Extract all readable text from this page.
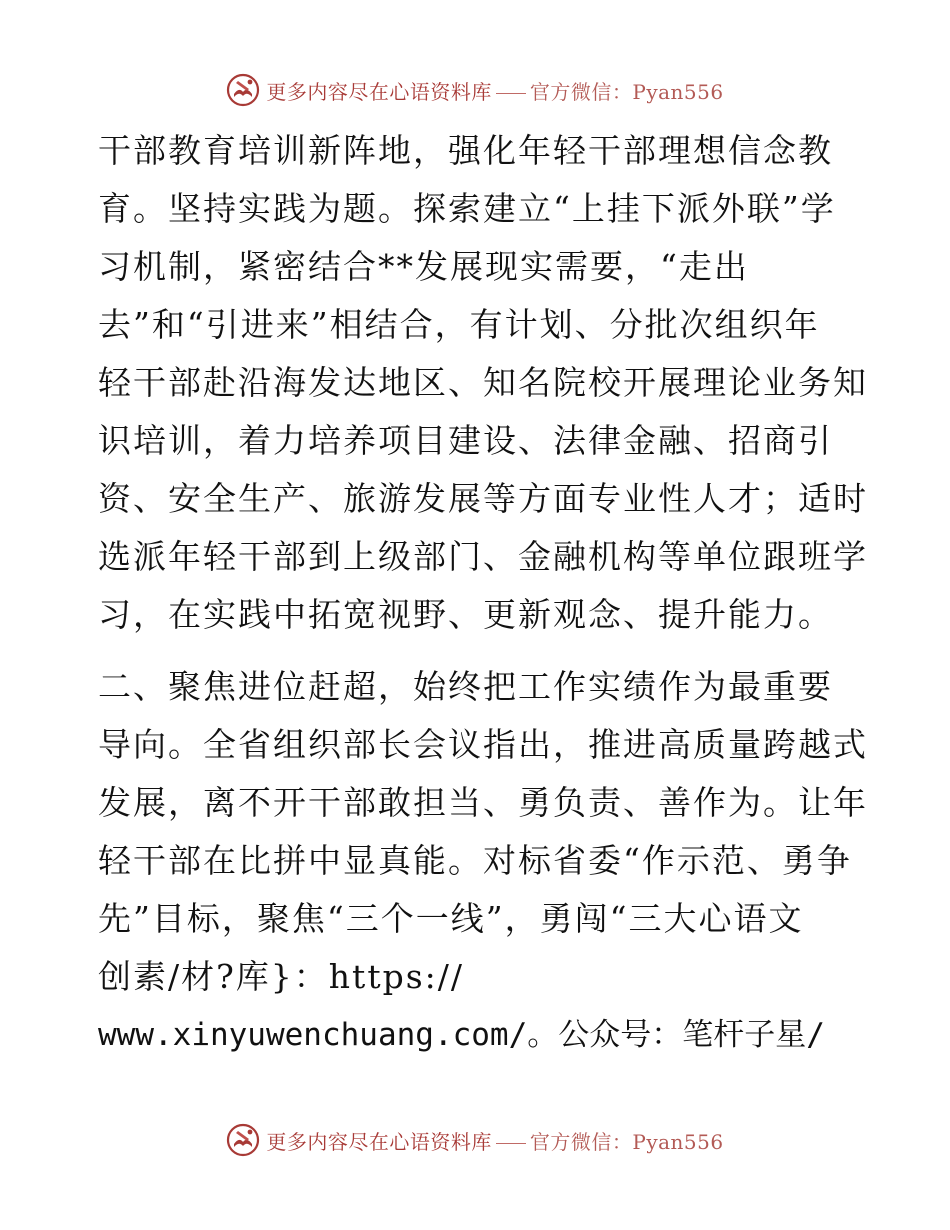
更多内容尽在心语资料库 官方微信：Pyan556
干部教育培训新阵地，强化年轻干部理想信念教
育。坚持实践为题。探索建立“上挂下派外联”学
习机制，紧密结合**发展现实需要，“走出
去”和“引进来”相结合，有计划、分批次组织年
轻干部赴沿海发达地区、知名院校开展理论业务知
识培训，着力培养项目建设、法律金融、招商引
资、安全生产、旅游发展等方面专业性人才；适时
选派年轻干部到上级部门、金融机构等单位跟班学
习，在实践中拓宽视野、更新观念、提升能力。
二、聚焦进位赶超，始终把工作实绩作为最重要
导向。全省组织部长会议指出，推进高质量跨越式
发展，离不开干部敢担当、勇负责、善作为。让年
轻干部在比拼中显真能。对标省委“作示范、勇争
先”目标，聚焦“三个一线”，勇闯“三大心语文
创素/材?库}：https://
www.xinyuwenchuang.com/。公众号：笔杆子星/
更多内容尽在心语资料库 官方微信：Pyan556
